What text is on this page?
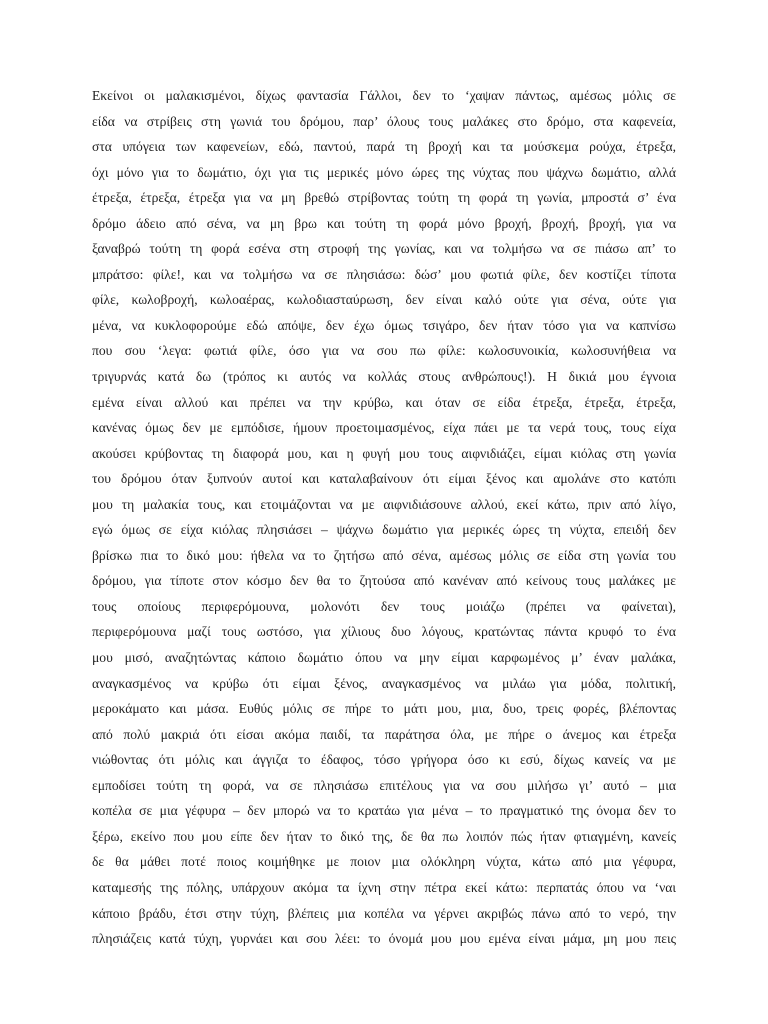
Εκείνοι οι μαλακισμένοι, δίχως φαντασία Γάλλοι, δεν το ‘χαψαν πάντως, αμέσως μόλις σε
είδα να στρίβεις στη γωνιά του δρόμου, παρ’ όλους τους μαλάκες στο δρόμο, στα καφενεία,
στα υπόγεια των καφενείων, εδώ, παντού, παρά τη βροχή και τα μούσκεμα ρούχα, έτρεξα,
όχι μόνο για το δωμάτιο, όχι για τις μερικές μόνο ώρες της νύχτας που ψάχνω δωμάτιο, αλλά
έτρεξα, έτρεξα, έτρεξα για να μη βρεθώ στρίβοντας τούτη τη φορά τη γωνία, μπροστά σ’ ένα
δρόμο άδειο από σένα, να μη βρω και τούτη τη φορά μόνο βροχή, βροχή, βροχή, για να
ξαναβρώ τούτη τη φορά εσένα στη στροφή της γωνίας, και να τολμήσω να σε πιάσω απ’ το
μπράτσο: φίλε!, και να τολμήσω να σε πλησιάσω: δώσ’ μου φωτιά φίλε, δεν κοστίζει τίποτα
φίλε, κωλοβροχή, κωλοαέρας, κωλοδιασταύρωση, δεν είναι καλό ούτε για σένα, ούτε για
μένα, να κυκλοφορούμε εδώ απόψε, δεν έχω όμως τσιγάρο, δεν ήταν τόσο για να καπνίσω
που σου ‘λεγα: φωτιά φίλε, όσο για να σου πω φίλε: κωλοσυνοικία, κωλοσυνήθεια να
τριγυρνάς κατά δω (τρόπος κι αυτός να κολλάς στους ανθρώπους!). Η δικιά μου έγνοια
εμένα είναι αλλού και πρέπει να την κρύβω, και όταν σε είδα έτρεξα, έτρεξα, έτρεξα,
κανένας όμως δεν με εμπόδισε, ήμουν προετοιμασμένος, είχα πάει με τα νερά τους, τους είχα
ακούσει κρύβοντας τη διαφορά μου, και η φυγή μου τους αιφνιδιάζει, είμαι κιόλας στη γωνία
του δρόμου όταν ξυπνούν αυτοί και καταλαβαίνουν ότι είμαι ξένος και αμολάνε στο κατόπι
μου τη μαλακία τους, και ετοιμάζονται να με αιφνιδιάσουνε αλλού, εκεί κάτω, πριν από λίγο,
εγώ όμως σε είχα κιόλας πλησιάσει – ψάχνω δωμάτιο για μερικές ώρες τη νύχτα, επειδή δεν
βρίσκω πια το δικό μου: ήθελα να το ζητήσω από σένα, αμέσως μόλις σε είδα στη γωνία του
δρόμου, για τίποτε στον κόσμο δεν θα το ζητούσα από κανέναν από κείνους τους μαλάκες με
τους οποίους περιφερόμουνα, μολονότι δεν τους μοιάζω (πρέπει να φαίνεται),
περιφερόμουνα μαζί τους ωστόσο, για χίλιους δυο λόγους, κρατώντας πάντα κρυφό το ένα
μου μισό, αναζητώντας κάποιο δωμάτιο όπου να μην είμαι καρφωμένος μ’ έναν μαλάκα,
αναγκασμένος να κρύβω ότι είμαι ξένος, αναγκασμένος να μιλάω για μόδα, πολιτική,
μεροκάματο και μάσα. Ευθύς μόλις σε πήρε το μάτι μου, μια, δυο, τρεις φορές, βλέποντας
από πολύ μακριά ότι είσαι ακόμα παιδί, τα παράτησα όλα, με πήρε ο άνεμος και έτρεξα
νιώθοντας ότι μόλις και άγγιζα το έδαφος, τόσο γρήγορα όσο κι εσύ, δίχως κανείς να με
εμποδίσει τούτη τη φορά, να σε πλησιάσω επιτέλους για να σου μιλήσω γι’ αυτό – μια
κοπέλα σε μια γέφυρα – δεν μπορώ να το κρατάω για μένα – το πραγματικό της όνομα δεν το
ξέρω, εκείνο που μου είπε δεν ήταν το δικό της, δε θα πω λοιπόν πώς ήταν φτιαγμένη, κανείς
δε θα μάθει ποτέ ποιος κοιμήθηκε με ποιον μια ολόκληρη νύχτα, κάτω από μια γέφυρα,
καταμεσής της πόλης, υπάρχουν ακόμα τα ίχνη στην πέτρα εκεί κάτω: περπατάς όπου να ‘ναι
κάποιο βράδυ, έτσι στην τύχη, βλέπεις μια κοπέλα να γέρνει ακριβώς πάνω από το νερό, την
πλησιάζεις κατά τύχη, γυρνάει και σου λέει: το όνομά μου μου εμένα είναι μάμα, μη μου πεις
